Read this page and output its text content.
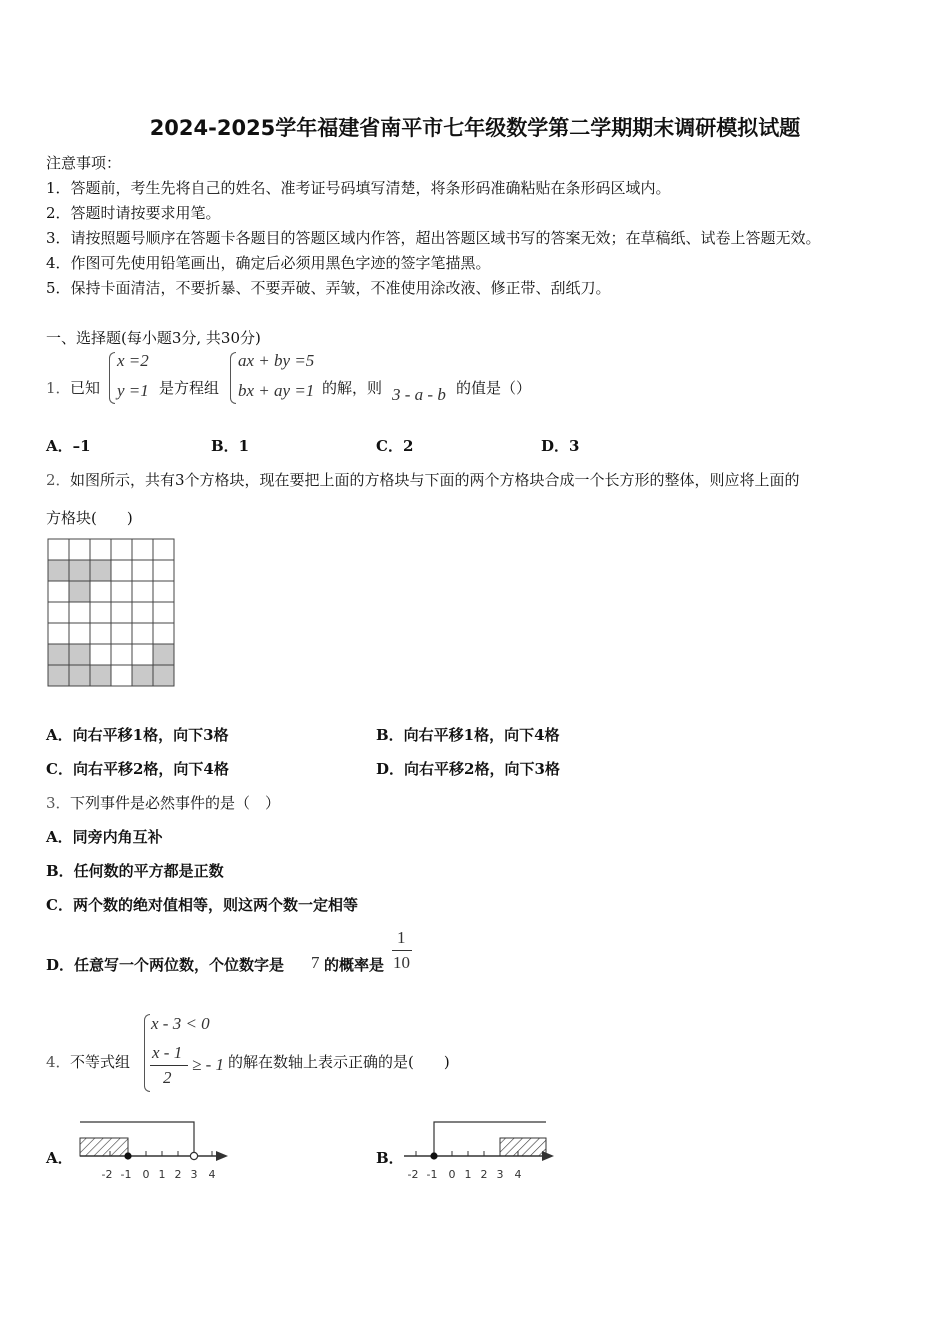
2024-2025学年福建省南平市七年级数学第二学期期末调研模拟试题
注意事项：
1．答题前，考生先将自己的姓名、准考证号码填写清楚，将条形码准确粘贴在条形码区域内。
2．答题时请按要求用笔。
3．请按照题号顺序在答题卡各题目的答题区域内作答，超出答题区域书写的答案无效；在草稿纸、试卷上答题无效。
4．作图可先使用铅笔画出，确定后必须用黑色字迹的签字笔描黑。
5．保持卡面清洁，不要折暴、不要弄破、弄皱，不准使用涂改液、修正带、刮纸刀。
一、选择题(每小题3分, 共30分)
1． 已知
x =2
y =1 是方程组
ax + by =5
bx + ay =1 的解，则 3 - a - b 的值是（）
A．–1	B．1	C．2	D．3
2． 如图所示，共有3个方格块，现在要把上面的方格块与下面的两个方格块合成一个长方形的整体，则应将上面的
方格块(　　)
A．向右平移1格，向下3格	B．向右平移1格，向下4格
C．向右平移2格，向下4格	D．向右平移2格，向下3格
3． 下列事件是必然事件的是（　）
A．同旁内角互补
B．任何数的平方都是正数
C．两个数的绝对值相等，则这两个数一定相等
D．任意写一个两位数，个位数字是 7 的概率是
1
10
4． 不等式组
x - 3 < 0
x - 1
2
≥ - 1 的解在数轴上表示正确的是(　　)
A．
-2 -1 0 1 2 3 4
B．
-2 -1 0 1 2 3 4
